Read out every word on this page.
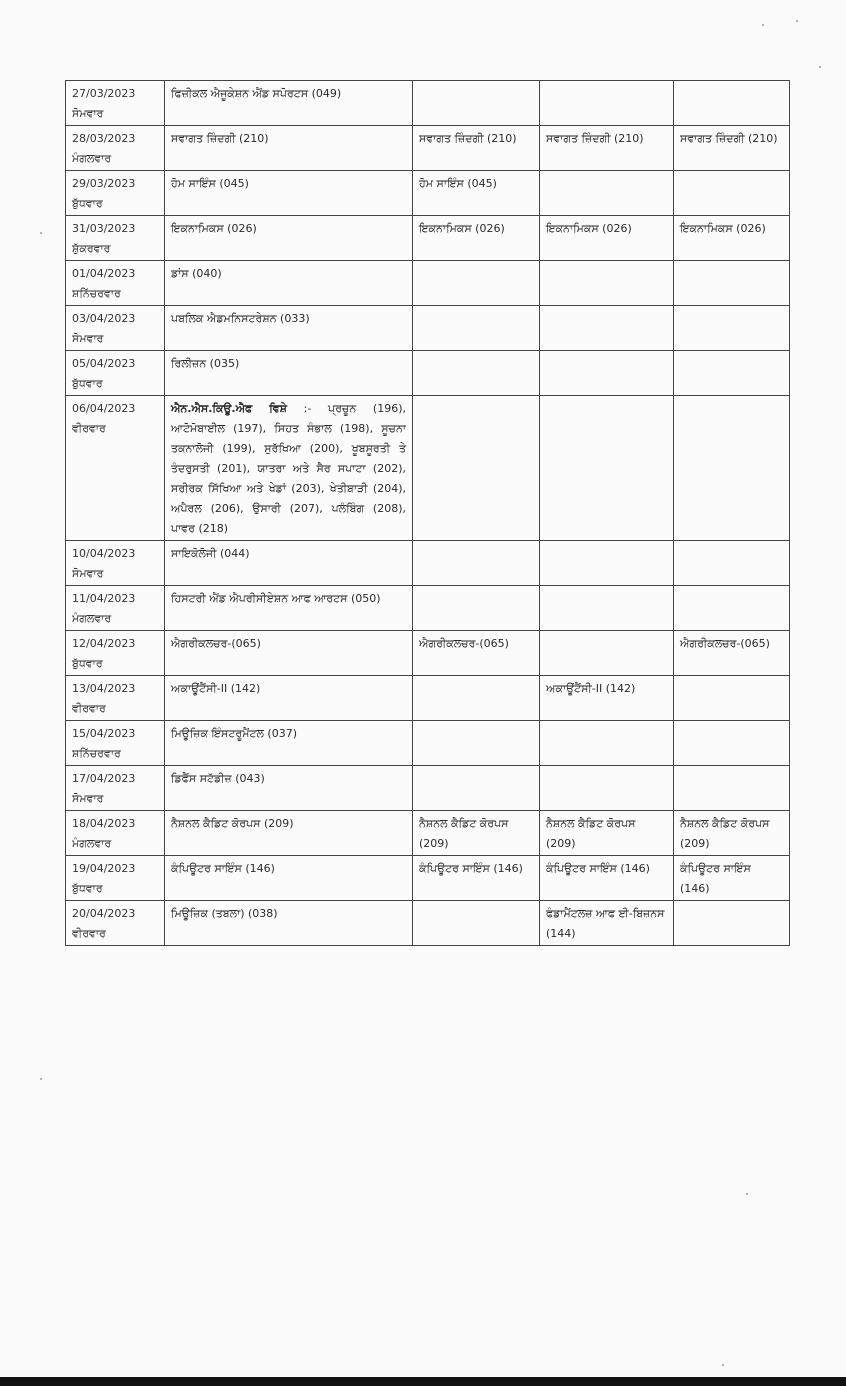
27/03/2023
ਸੋਮਵਾਰ	ਫਿਜ਼ੀਕਲ ਐਜੂਕੇਸ਼ਨ ਐਂਡ ਸਪੋਰਟਸ (049)			
28/03/2023
ਮੰਗਲਵਾਰ	ਸਵਾਗਤ ਜ਼ਿੰਦਗੀ (210)	ਸਵਾਗਤ ਜ਼ਿੰਦਗੀ (210)	ਸਵਾਗਤ ਜ਼ਿੰਦਗੀ (210)	ਸਵਾਗਤ ਜ਼ਿੰਦਗੀ (210)
29/03/2023
ਬੁੱਧਵਾਰ	ਹੋਮ ਸਾਇੰਸ (045)	ਹੋਮ ਸਾਇੰਸ (045)		
31/03/2023
ਸ਼ੁੱਕਰਵਾਰ	ਇਕਨਾਮਿਕਸ (026)	ਇਕਨਾਮਿਕਸ (026)	ਇਕਨਾਮਿਕਸ (026)	ਇਕਨਾਮਿਕਸ (026)
01/04/2023
ਸ਼ਨਿੱਚਰਵਾਰ	ਡਾਂਸ (040)			
03/04/2023
ਸੋਮਵਾਰ	ਪਬਲਿਕ ਐਡਮਨਿਸਟਰੇਸ਼ਨ (033)			
05/04/2023
ਬੁੱਧਵਾਰ	ਰਿਲੀਜ਼ਨ (035)			
06/04/2023
ਵੀਰਵਾਰ	ਐਨ.ਐਸ.ਕਿਊ.ਐਫ ਵਿਸ਼ੇ :- ਪ੍ਰਚੂਨ (196), ਆਟੋਮੋਬਾਈਲ (197), ਸਿਹਤ ਸੰਭਾਲ (198), ਸੂਚਨਾ ਤਕਨਾਲੋਜੀ (199), ਸੁਰੱਖਿਆ (200), ਖੂਬਸੂਰਤੀ ਤੇ ਤੰਦਰੁਸਤੀ (201), ਯਾਤਰਾ ਅਤੇ ਸੈਰ ਸਪਾਟਾ (202), ਸਰੀਰਕ ਸਿੱਖਿਆ ਅਤੇ ਖੇਡਾਂ (203), ਖੇਤੀਬਾੜੀ (204), ਅਪੈਰਲ (206), ਉਸਾਰੀ (207), ਪਲੰਬਿੰਗ (208), ਪਾਵਰ (218)			
10/04/2023
ਸੋਮਵਾਰ	ਸਾਇਕੋਲੋਜੀ (044)			
11/04/2023
ਮੰਗਲਵਾਰ	ਹਿਸਟਰੀ ਐਂਡ ਐਪਰੀਸੀਏਸ਼ਨ ਆਫ ਆਰਟਸ (050)			
12/04/2023
ਬੁੱਧਵਾਰ	ਐਗਰੀਕਲਚਰ-(065)	ਐਗਰੀਕਲਚਰ-(065)		ਐਗਰੀਕਲਚਰ-(065)
13/04/2023
ਵੀਰਵਾਰ	ਅਕਾਊਂਟੈਂਸੀ-II (142)		ਅਕਾਊਂਟੈਂਸੀ-II (142)	
15/04/2023
ਸ਼ਨਿੱਚਰਵਾਰ	ਮਿਊਜ਼ਿਕ ਇੰਸਟਰੂਮੈਂਟਲ (037)			
17/04/2023
ਸੋਮਵਾਰ	ਡਿਫੈਂਸ ਸਟੱਡੀਜ਼ (043)			
18/04/2023
ਮੰਗਲਵਾਰ	ਨੈਸ਼ਨਲ ਕੈਡਿਟ ਕੋਰਪਸ (209)	ਨੈਸ਼ਨਲ ਕੈਡਿਟ ਕੋਰਪਸ (209)	ਨੈਸ਼ਨਲ ਕੈਡਿਟ ਕੋਰਪਸ (209)	ਨੈਸ਼ਨਲ ਕੈਡਿਟ ਕੋਰਪਸ (209)
19/04/2023
ਬੁੱਧਵਾਰ	ਕੰਪਿਊਟਰ ਸਾਇੰਸ (146)	ਕੰਪਿਊਟਰ ਸਾਇੰਸ (146)	ਕੰਪਿਊਟਰ ਸਾਇੰਸ (146)	ਕੰਪਿਊਟਰ ਸਾਇੰਸ (146)
20/04/2023
ਵੀਰਵਾਰ	ਮਿਊਜ਼ਿਕ (ਤਬਲਾ) (038)		ਫੰਡਾਮੈਂਟਲਜ਼ ਆਫ ਈ-ਬਿਜ਼ਨਸ (144)	
